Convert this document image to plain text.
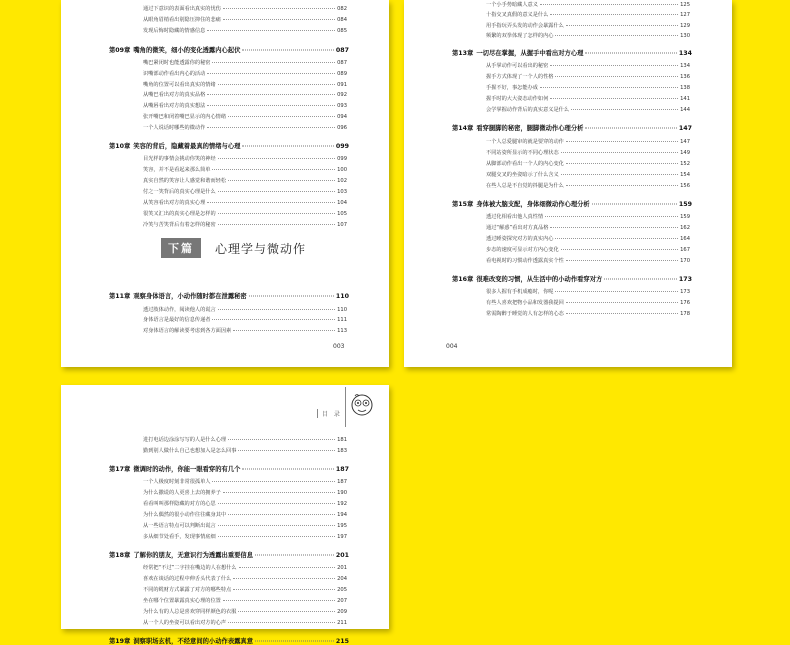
通过下意识的表面看出真实的忧伤	082
从眼角眉梢看出别隐压抑住的悲痛	084
发现后悔时隐藏的情感信息	085
第09章 嘴角的微笑，细小的变化透露内心起伏	087
嘴巴紧闭时也能透露你的秘密	087
识嘴部动作看出内心的活动	089
嘴角的位置可以看出真实的情绪	091
从嘴巴看出对方的真实品格	092
从嘴唇看出对方的真实想法	093
张开嘴巴和闭着嘴巴显示的内心情绪	094
一个人说话时哪些的微动作	096
第10章 笑容的背后，隐藏着最真的情绪与心理	099
目光样的事情会挑动你笑的神经	099
笑容，并不是看起来那么简单	100
真实自然的笑容让人感觉和谐而轻松	102
付之一笑背后的真实心理是什么	103
从笑容看出对方的真实心理	104
很笑又汇出的真实心理是怎样的	105
冷笑与苦笑背后有着怎样的秘密	107
第11章 观察身体语言，小动作随时都在泄露秘密	110
透过肢体动作，阅读他人的谎言	110
身体语言是最好的信息传递者	111
对身体语言的解读要考虑到各方面因素	113
下篇	心理学与微动作
003
一个小手势暗藏人意义	125
十指交叉真假的意义是什么	127
用手指玩弄头发的动作会暴露什么	129
频繁的双拳体现了怎样的内心	130
第13章 一切尽在掌握，从握手中看出对方心理	134
从手掌动作可以看出的秘密	134
握手方式体现了一个人的性格	136
手握不好，事怎能办成	138
握手时的大大姿态动作如何	141
会学掌握动作背后的真实意义是什么	144
第14章 看穿腿脚的秘密，腿脚微动作心理分析	147
一个人总爱腿审的就是要穿的动作	147
不同站姿所显示的不同心理状态	149
从脚部动作看出一个人的内心变化	152
双腿交叉的坐姿暗示了什么含义	154
在些人总是不自觉的抖腿是为什么	156
第15章 身体被大脑支配，身体细微动作心理分析	159
透过化相看出他人真性情	159
通过“解惑”看出对方真品格	162
透过睡姿探究对方的真实内心	164
步态的速度可显示对方内心变化	167
看电视时的习惯动作透露真实个性	170
第16章 很难改变的习惯，从生活中的小动作看穿对方	173
很多人握有手机成瘾时，你呢	173
有些人喜欢把物小品和发器我提回	176
常需陶醉于睡觉的人有怎样的心态	178
004
目 录
进打电话边涂涂写写的人是什么心理	181
勤到别人做什么自己也想加入是怎么回事	183
第17章 微调时的动作，你能一眼看穿的有几个	187
一个人极度时刻非常很孤单人	187
为什么撒谎的人更喜上去的拥养子	190
看看叫叫那样隐藏的对方的心思	192
为什么偶然的很小动作往往藏身其中	194
从一些语言特点可以判断出谎言	195
多从细节处看手，发现事情底细	197
第18章 了解你的朋友，无意识行为透露出重要信息	201
经常把“不过”二字挂在嘴边的人在想什么	201
喜欢在谈话的过程中伸舌头代表了什么	204
不同的缆财方式暴露了对方的哪些特点	205
坐在哪个位置暴露真实心理的位置	207
为什么有的人总是喜欢穿同样颜色的衣服	209
从一个人的坐姿可以看出对方的心声	211
第19章 洞察职场玄机，不经意间的小动作表露真意	215
